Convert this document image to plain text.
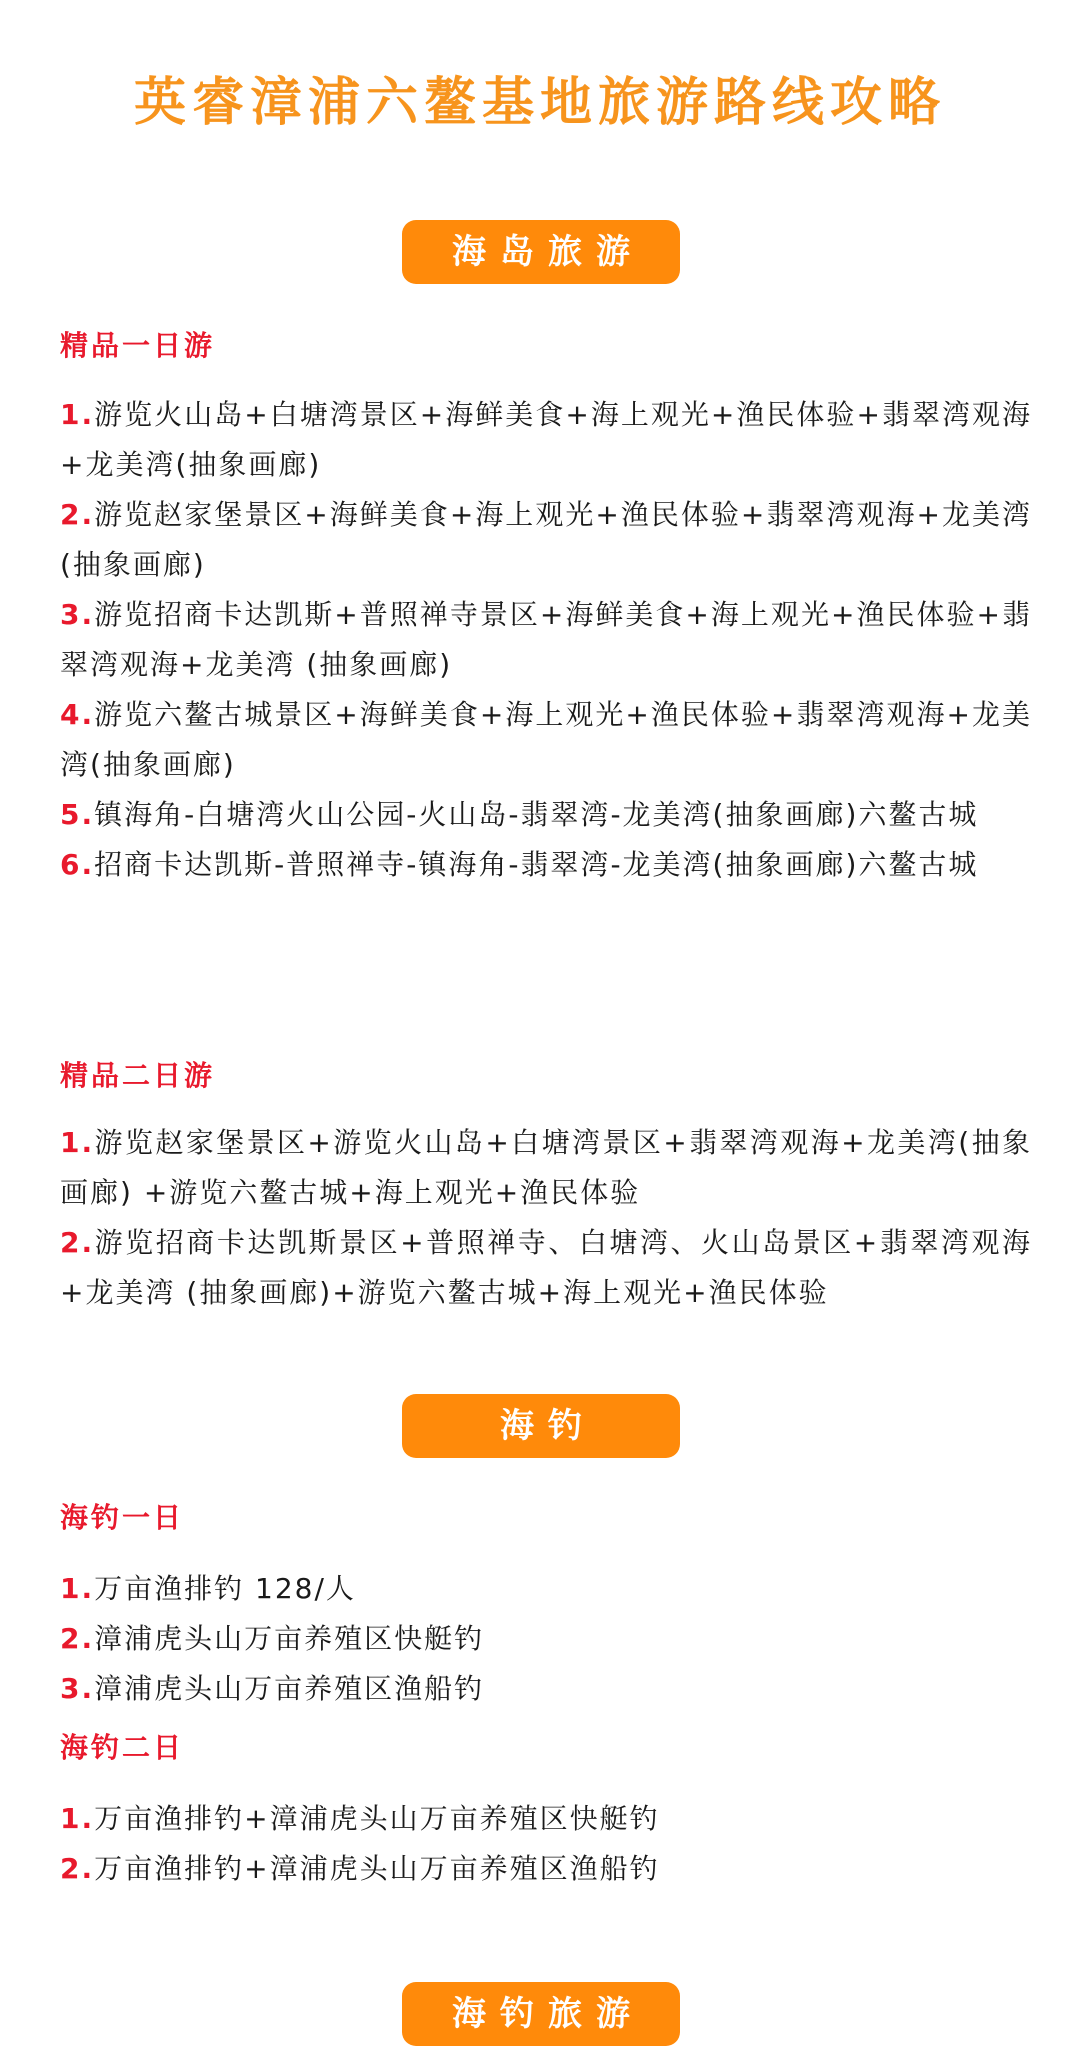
英睿漳浦六鳌基地旅游路线攻略
海岛旅游
精品一日游
1.游览火山岛+白塘湾景区+海鲜美食+海上观光+渔民体验+翡翠湾观海+龙美湾(抽象画廊)
2.游览赵家堡景区+海鲜美食+海上观光+渔民体验+翡翠湾观海+龙美湾 (抽象画廊)
3.游览招商卡达凯斯+普照禅寺景区+海鲜美食+海上观光+渔民体验+翡翠湾观海+龙美湾 (抽象画廊)
4.游览六鳌古城景区+海鲜美食+海上观光+渔民体验+翡翠湾观海+龙美湾(抽象画廊)
5.镇海角-白塘湾火山公园-火山岛-翡翠湾-龙美湾(抽象画廊)六鳌古城
6.招商卡达凯斯-普照禅寺-镇海角-翡翠湾-龙美湾(抽象画廊)六鳌古城
精品二日游
1.游览赵家堡景区+游览火山岛+白塘湾景区+翡翠湾观海+龙美湾(抽象画廊) +游览六鳌古城+海上观光+渔民体验
2.游览招商卡达凯斯景区+普照禅寺、白塘湾、火山岛景区+翡翠湾观海+龙美湾 (抽象画廊)+游览六鳌古城+海上观光+渔民体验
海钓
海钓一日
1.万亩渔排钓 128/人
2.漳浦虎头山万亩养殖区快艇钓
3.漳浦虎头山万亩养殖区渔船钓
海钓二日
1.万亩渔排钓+漳浦虎头山万亩养殖区快艇钓
2.万亩渔排钓+漳浦虎头山万亩养殖区渔船钓
海钓旅游
